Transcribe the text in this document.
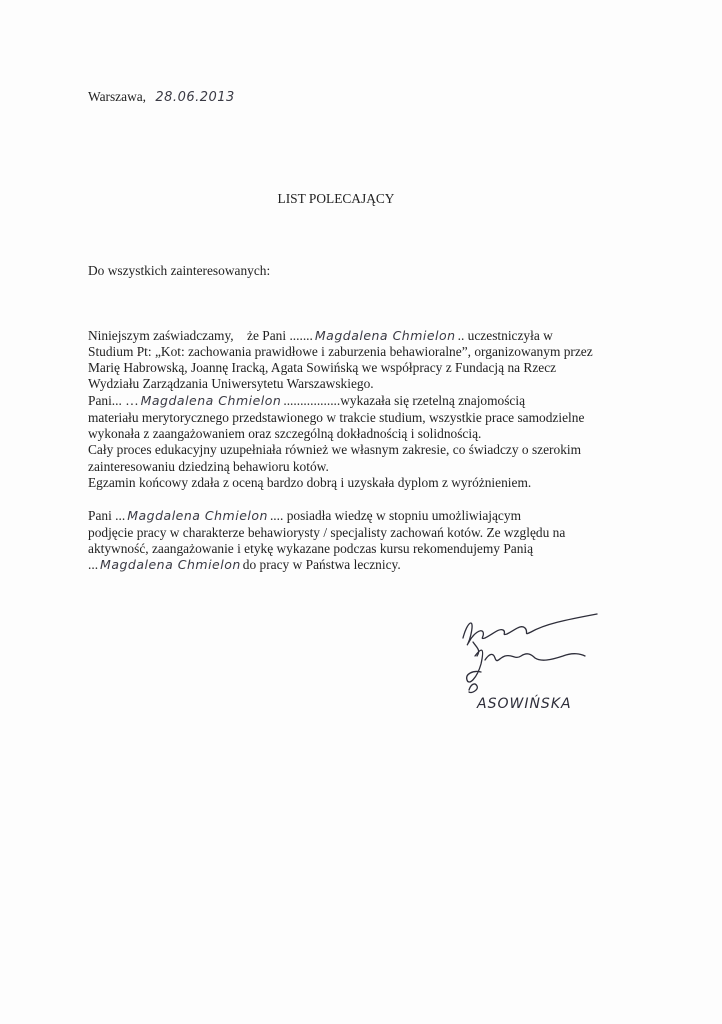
Warszawa, 28.06.2013
LIST POLECAJĄCY
Do wszystkich zainteresowanych:
Niniejszym zaświadczamy, że Pani ....... Magdalena Chmielon .. uczestniczyła w
Studium Pt: „Kot: zachowania prawidłowe i zaburzenia behawioralne”, organizowanym przez
Marię Habrowską, Joannę Iracką, Agata Sowińską we współpracy z Fundacją na Rzecz
Wydziału Zarządzania Uniwersytetu Warszawskiego.
Pani... … Magdalena Chmielon .................wykazała się rzetelną znajomością
materiału merytorycznego przedstawionego w trakcie studium, wszystkie prace samodzielne
wykonała z zaangażowaniem oraz szczególną dokładnością i solidnością.
Cały proces edukacyjny uzupełniała również we własnym zakresie, co świadczy o szerokim
zainteresowaniu dziedziną behawioru kotów.
Egzamin końcowy zdała z oceną bardzo dobrą i uzyskała dyplom z wyróżnieniem.
Pani ... Magdalena Chmielon .... posiadła wiedzę w stopniu umożliwiającym
podjęcie pracy w charakterze behawiorysty / specjalisty zachowań kotów. Ze względu na
aktywność, zaangażowanie i etykę wykazane podczas kursu rekomendujemy Panią
... Magdalena Chmielon do pracy w Państwa lecznicy.
ASOWIŃSKA
